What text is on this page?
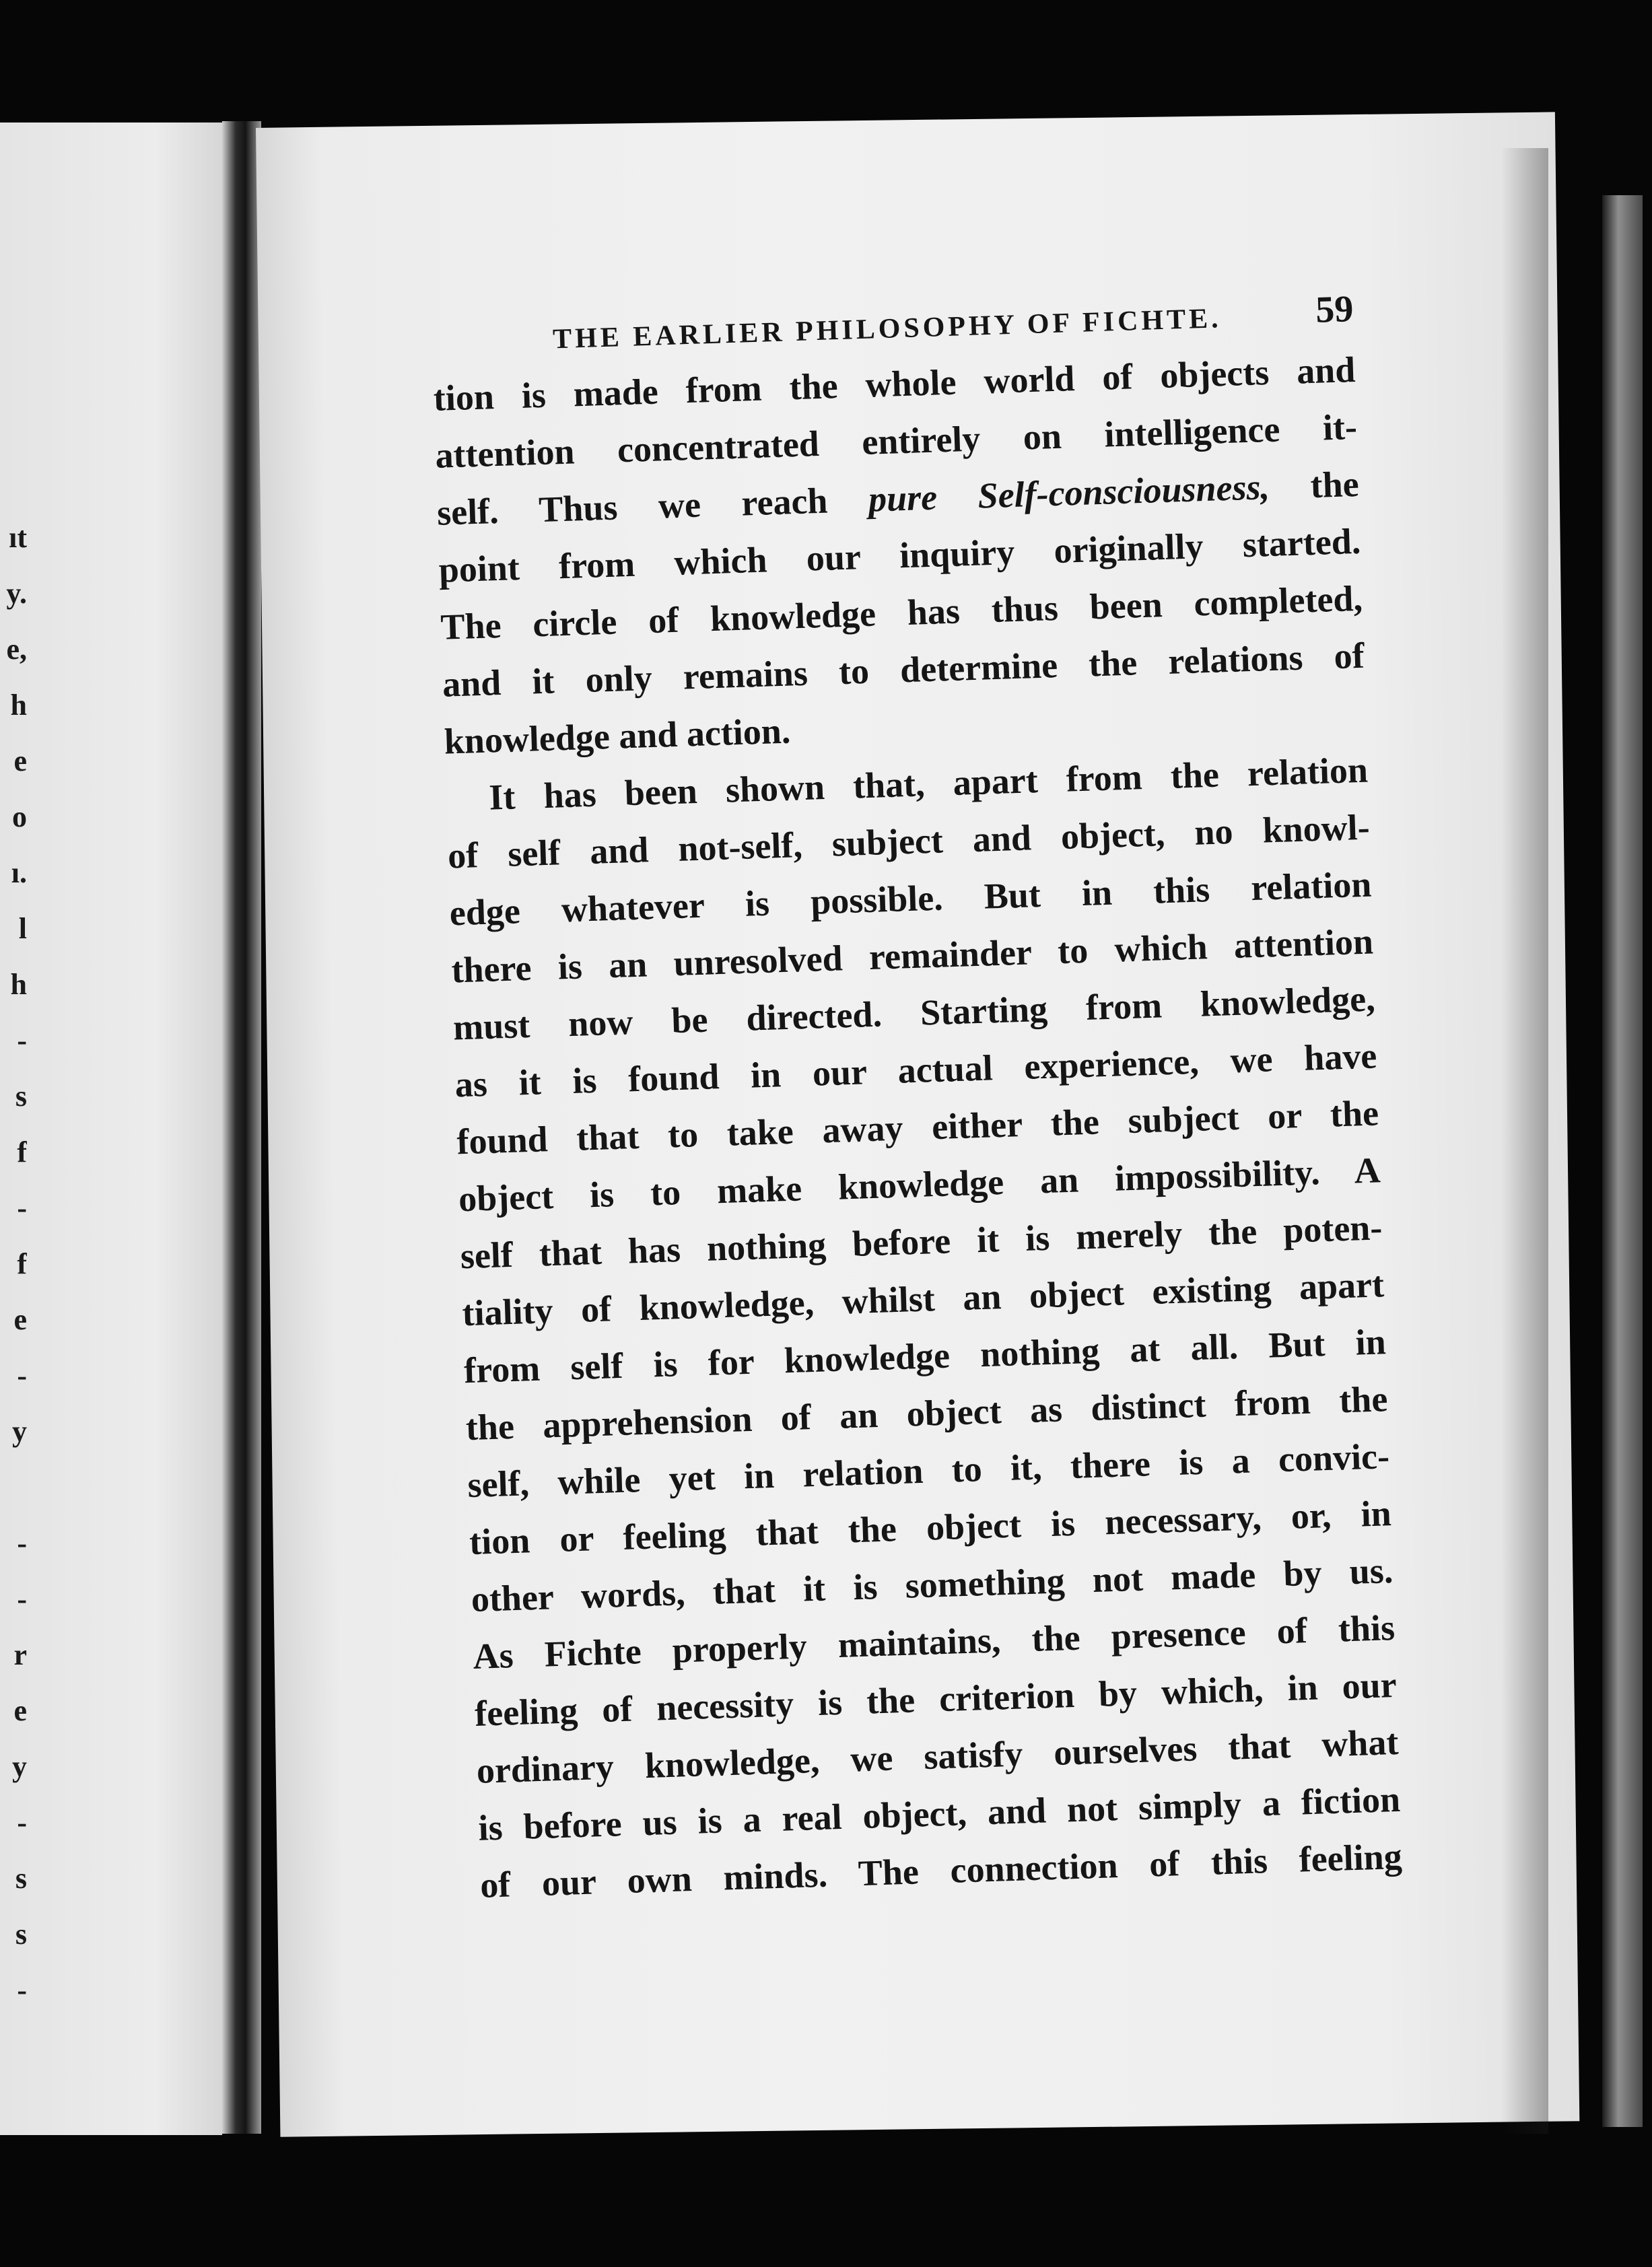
ıt
y.
e,
h
e
o
ı.
l
h
-
s
f
-
f
e
-
y
-
-
r
e
y
-
s
s
-
THE EARLIER PHILOSOPHY OF FICHTE. 59
tion is made from the whole world of objects and
attention concentrated entirely on intelligence it-
self. Thus we reach pure Self-consciousness, the
point from which our inquiry originally started.
The circle of knowledge has thus been completed,
and it only remains to determine the relations of
knowledge and action.
It has been shown that, apart from the relation
of self and not-self, subject and object, no knowl-
edge whatever is possible. But in this relation
there is an unresolved remainder to which attention
must now be directed. Starting from knowledge,
as it is found in our actual experience, we have
found that to take away either the subject or the
object is to make knowledge an impossibility. A
self that has nothing before it is merely the poten-
tiality of knowledge, whilst an object existing apart
from self is for knowledge nothing at all. But in
the apprehension of an object as distinct from the
self, while yet in relation to it, there is a convic-
tion or feeling that the object is necessary, or, in
other words, that it is something not made by us.
As Fichte properly maintains, the presence of this
feeling of necessity is the criterion by which, in our
ordinary knowledge, we satisfy ourselves that what
is before us is a real object, and not simply a fiction
of our own minds. The connection of this feeling
